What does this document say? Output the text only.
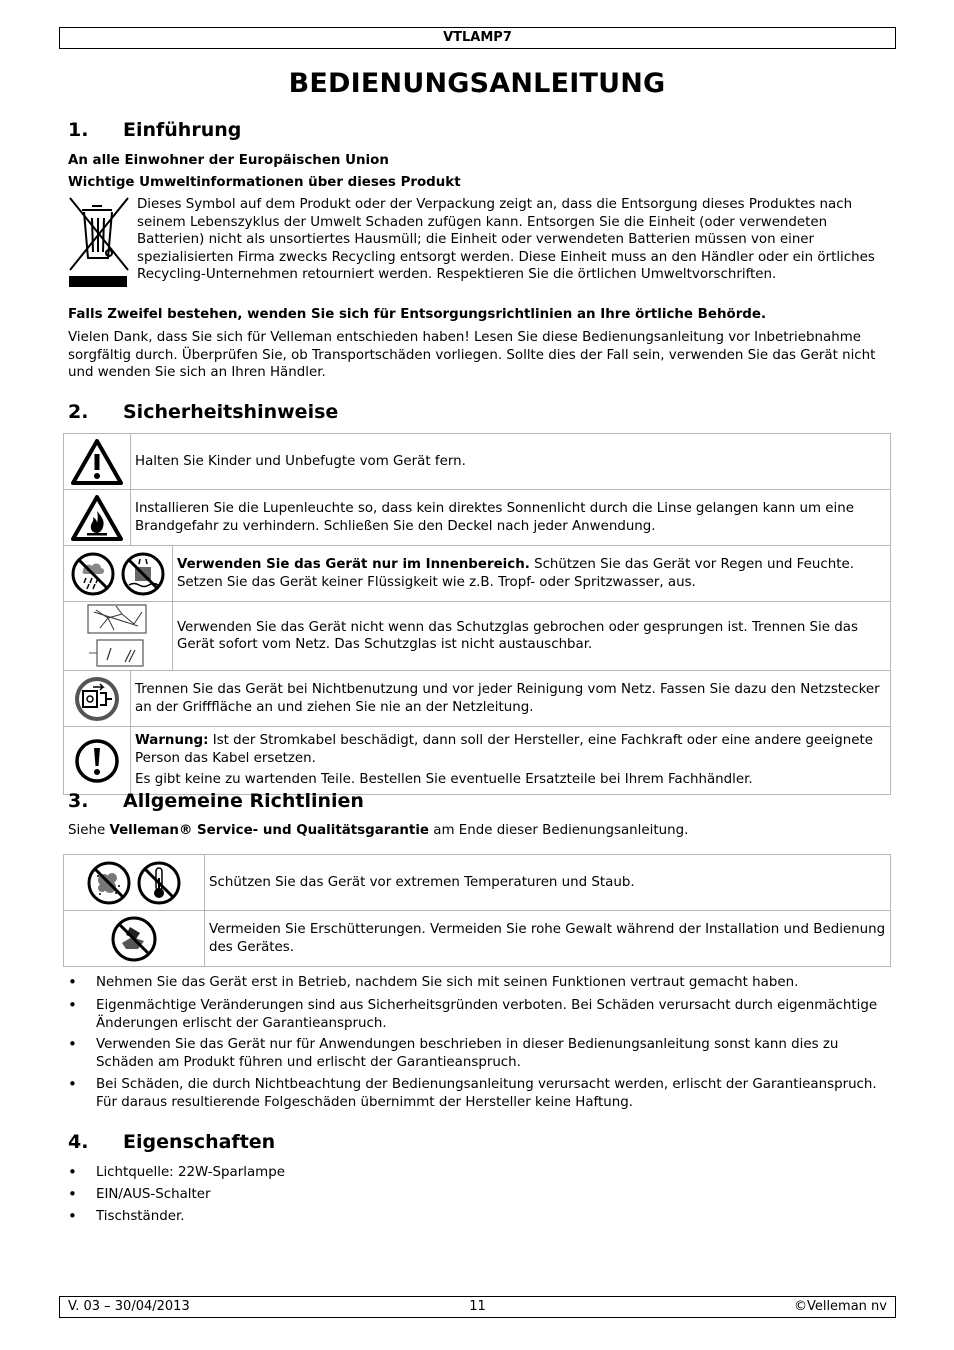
VTLAMP7
BEDIENUNGSANLEITUNG
1. Einführung
An alle Einwohner der Europäischen Union
Wichtige Umweltinformationen über dieses Produkt
Dieses Symbol auf dem Produkt oder der Verpackung zeigt an, dass die Entsorgung dieses Produktes nach seinem Lebenszyklus der Umwelt Schaden zufügen kann. Entsorgen Sie die Einheit (oder verwendeten Batterien) nicht als unsortiertes Hausmüll; die Einheit oder verwendeten Batterien müssen von einer spezialisierten Firma zwecks Recycling entsorgt werden. Diese Einheit muss an den Händler oder ein örtliches Recycling-Unternehmen retourniert werden. Respektieren Sie die örtlichen Umweltvorschriften.
Falls Zweifel bestehen, wenden Sie sich für Entsorgungsrichtlinien an Ihre örtliche Behörde.
Vielen Dank, dass Sie sich für Velleman entschieden haben! Lesen Sie diese Bedienungsanleitung vor Inbetriebnahme sorgfältig durch. Überprüfen Sie, ob Transportschäden vorliegen. Sollte dies der Fall sein, verwenden Sie das Gerät nicht und wenden Sie sich an Ihren Händler.
2. Sicherheitshinweise
	Halten Sie Kinder und Unbefugte vom Gerät fern.	
	Installieren Sie die Lupenleuchte so, dass kein direktes Sonnenlicht durch die Linse gelangen kann um eine Brandgefahr zu verhindern. Schließen Sie den Deckel nach jeder Anwendung.	
	Verwenden Sie das Gerät nur im Innenbereich. Schützen Sie das Gerät vor Regen und Feuchte. Setzen Sie das Gerät keiner Flüssigkeit wie z.B. Tropf- oder Spritzwasser, aus.
	Verwenden Sie das Gerät nicht wenn das Schutzglas gebrochen oder gesprungen ist. Trennen Sie das Gerät sofort vom Netz. Das Schutzglas ist nicht austauschbar.
	Trennen Sie das Gerät bei Nichtbenutzung und vor jeder Reinigung vom Netz. Fassen Sie dazu den Netzstecker an der Grifffläche an und ziehen Sie nie an der Netzleitung.	

Warnung: Ist der Stromkabel beschädigt, dann soll der Hersteller, eine Fachkraft oder eine andere geeignete Person das Kabel ersetzen.
Es gibt keine zu wartenden Teile. Bestellen Sie eventuelle Ersatzteile bei Ihrem Fachhändler.	
3. Allgemeine Richtlinien
Siehe Velleman® Service- und Qualitätsgarantie am Ende dieser Bedienungsanleitung.
	Schützen Sie das Gerät vor extremen Temperaturen und Staub.
	Vermeiden Sie Erschütterungen. Vermeiden Sie rohe Gewalt während der Installation und Bedienung des Gerätes.
• Nehmen Sie das Gerät erst in Betrieb, nachdem Sie sich mit seinen Funktionen vertraut gemacht haben.
• Eigenmächtige Veränderungen sind aus Sicherheitsgründen verboten. Bei Schäden verursacht durch eigenmächtige Änderungen erlischt der Garantieanspruch.
• Verwenden Sie das Gerät nur für Anwendungen beschrieben in dieser Bedienungsanleitung sonst kann dies zu Schäden am Produkt führen und erlischt der Garantieanspruch.
• Bei Schäden, die durch Nichtbeachtung der Bedienungsanleitung verursacht werden, erlischt der Garantieanspruch. Für daraus resultierende Folgeschäden übernimmt der Hersteller keine Haftung.
4. Eigenschaften
• Lichtquelle: 22W-Sparlampe
• EIN/AUS-Schalter
• Tischständer.
V. 03 – 30/04/2013	11	©Velleman nv
